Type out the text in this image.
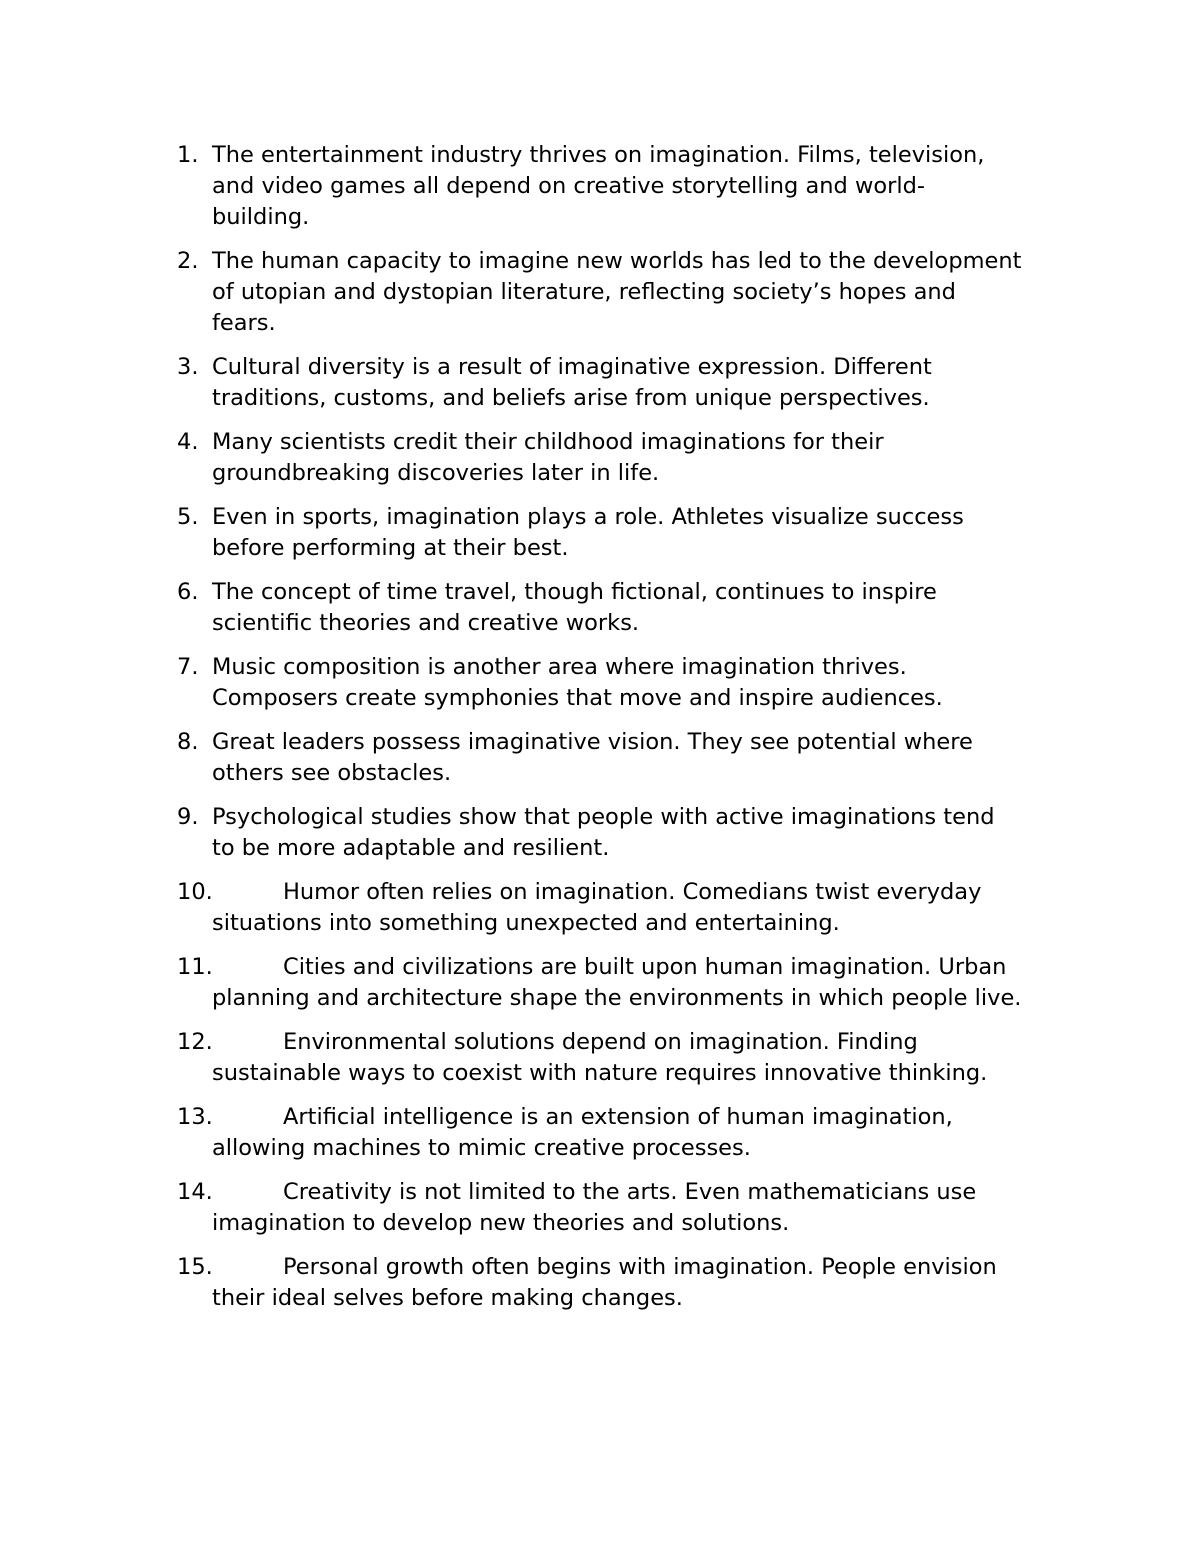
1. The entertainment industry thrives on imagination. Films, television,
and video games all depend on creative storytelling and world-
building.
2. The human capacity to imagine new worlds has led to the development
of utopian and dystopian literature, reflecting society’s hopes and
fears.
3. Cultural diversity is a result of imaginative expression. Different
traditions, customs, and beliefs arise from unique perspectives.
4. Many scientists credit their childhood imaginations for their
groundbreaking discoveries later in life.
5. Even in sports, imagination plays a role. Athletes visualize success
before performing at their best.
6. The concept of time travel, though fictional, continues to inspire
scientific theories and creative works.
7. Music composition is another area where imagination thrives.
Composers create symphonies that move and inspire audiences.
8. Great leaders possess imaginative vision. They see potential where
others see obstacles.
9. Psychological studies show that people with active imaginations tend
to be more adaptable and resilient.
10.	Humor often relies on imagination. Comedians twist everyday
situations into something unexpected and entertaining.
11.	Cities and civilizations are built upon human imagination. Urban
planning and architecture shape the environments in which people live.
12.	Environmental solutions depend on imagination. Finding
sustainable ways to coexist with nature requires innovative thinking.
13.	Artificial intelligence is an extension of human imagination,
allowing machines to mimic creative processes.
14.	Creativity is not limited to the arts. Even mathematicians use
imagination to develop new theories and solutions.
15.	Personal growth often begins with imagination. People envision
their ideal selves before making changes.
